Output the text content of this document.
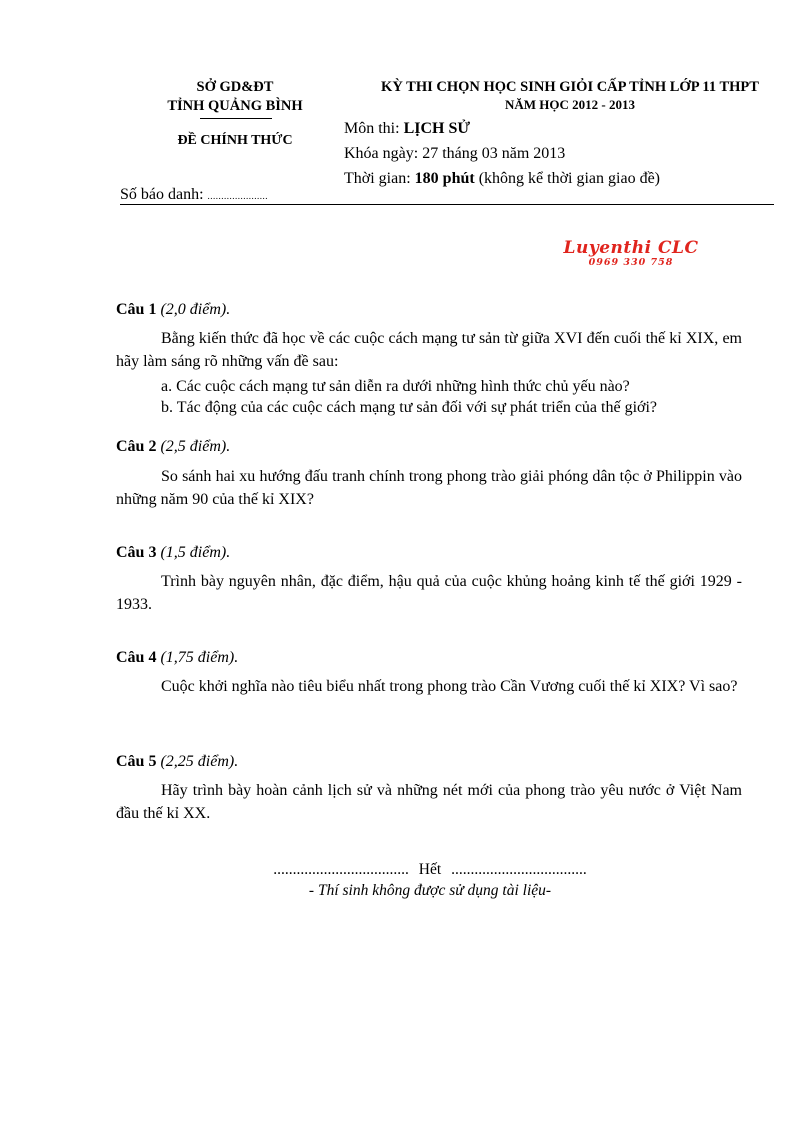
SỞ GD&ĐT
TỈNH QUẢNG BÌNH
ĐỀ CHÍNH THỨC
Số báo danh: ......................
KỲ THI CHỌN HỌC SINH GIỎI CẤP TỈNH LỚP 11 THPT
NĂM HỌC 2012 - 2013
Môn thi: LỊCH SỬ
Khóa ngày: 27 tháng 03 năm 2013
Thời gian: 180 phút (không kể thời gian giao đề)
Luyenthi CLC
0969 330 758
Câu 1 (2,0 điểm).
Bằng kiến thức đã học về các cuộc cách mạng tư sản từ giữa XVI đến cuối thế kỉ XIX, em hãy làm sáng rõ những vấn đề sau:
a. Các cuộc cách mạng tư sản diễn ra dưới những hình thức chủ yếu nào?
b. Tác động của các cuộc cách mạng tư sản đối với sự phát triển của thế giới?
Câu 2 (2,5 điểm).
So sánh hai xu hướng đấu tranh chính trong phong trào giải phóng dân tộc ở Philippin vào những năm 90 của thế kỉ XIX?
Câu 3 (1,5 điểm).
Trình bày nguyên nhân, đặc điểm, hậu quả của cuộc khủng hoảng kinh tế thế giới 1929 - 1933.
Câu 4 (1,75 điểm).
Cuộc khởi nghĩa nào tiêu biểu nhất trong phong trào Cần Vương cuối thế kỉ XIX? Vì sao?
Câu 5 (2,25 điểm).
Hãy trình bày hoàn cảnh lịch sử và những nét mới của phong trào yêu nước ở Việt Nam đầu thế kỉ XX.
................................... Hết ...................................
- Thí sinh không được sử dụng tài liệu-
